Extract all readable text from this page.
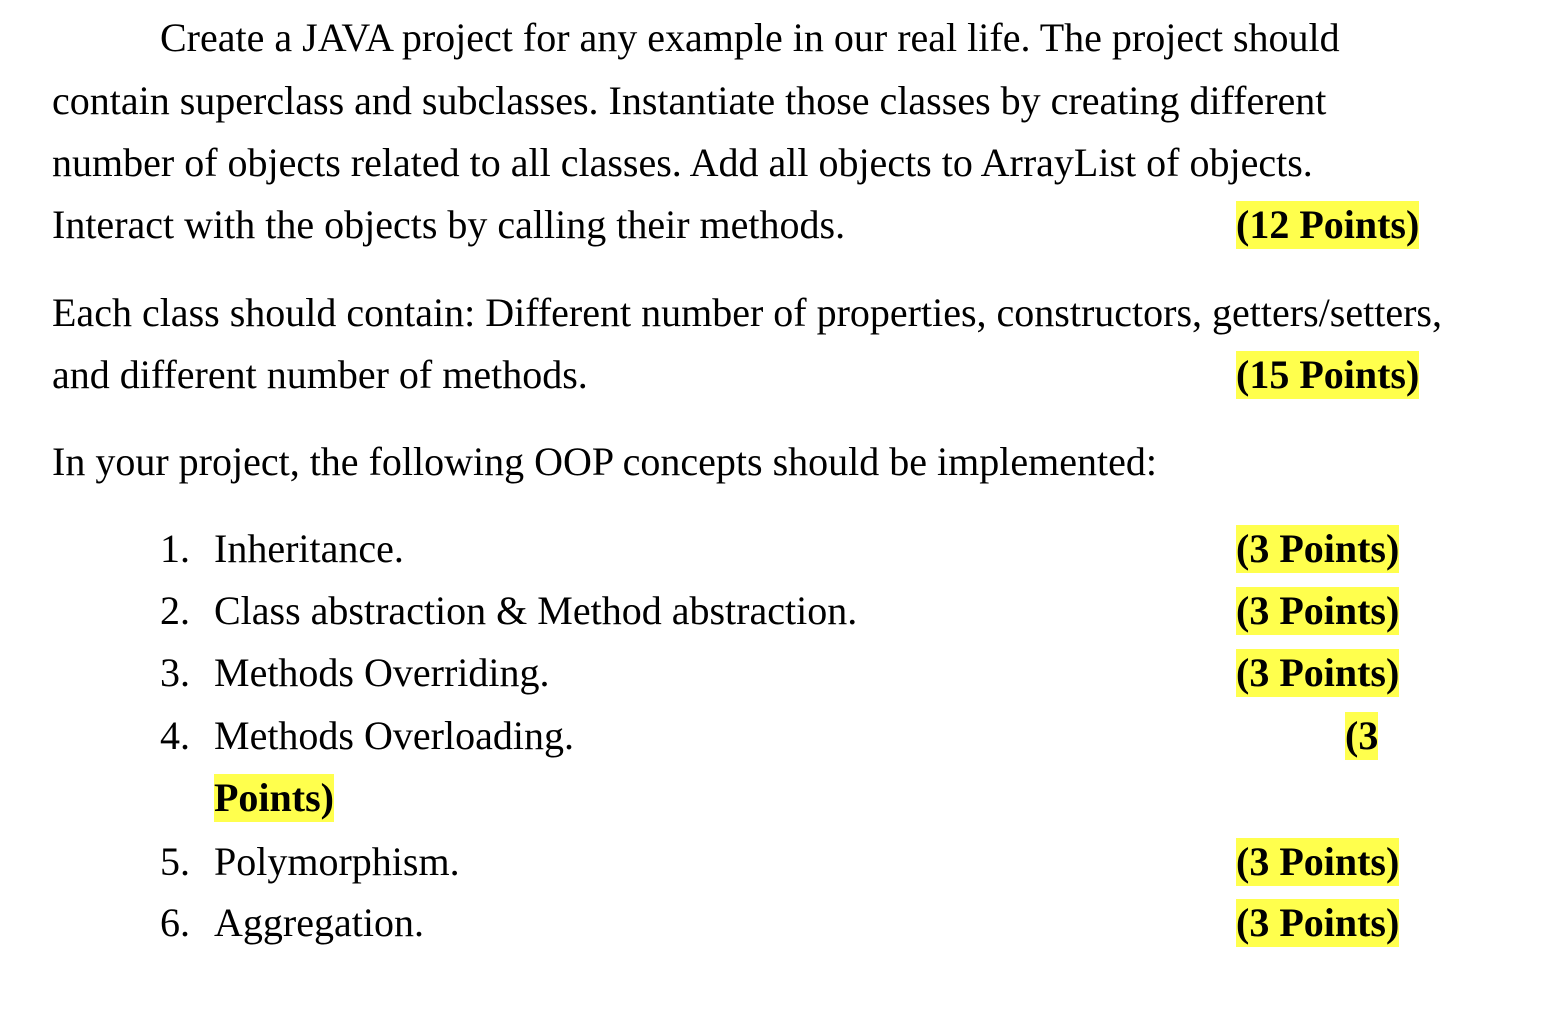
Create a JAVA project for any example in our real life. The project should
contain superclass and subclasses. Instantiate those classes by creating different
number of objects related to all classes. Add all objects to ArrayList of objects.
Interact with the objects by calling their methods.	(12 Points)
Each class should contain: Different number of properties, constructors, getters/setters,
and different number of methods.	(15 Points)
In your project, the following OOP concepts should be implemented:
1. Inheritance.	(3 Points)
2. Class abstraction & Method abstraction.	(3 Points)
3. Methods Overriding.	(3 Points)
4. Methods Overloading.	(3
Points)
5. Polymorphism.	(3 Points)
6. Aggregation.	(3 Points)
